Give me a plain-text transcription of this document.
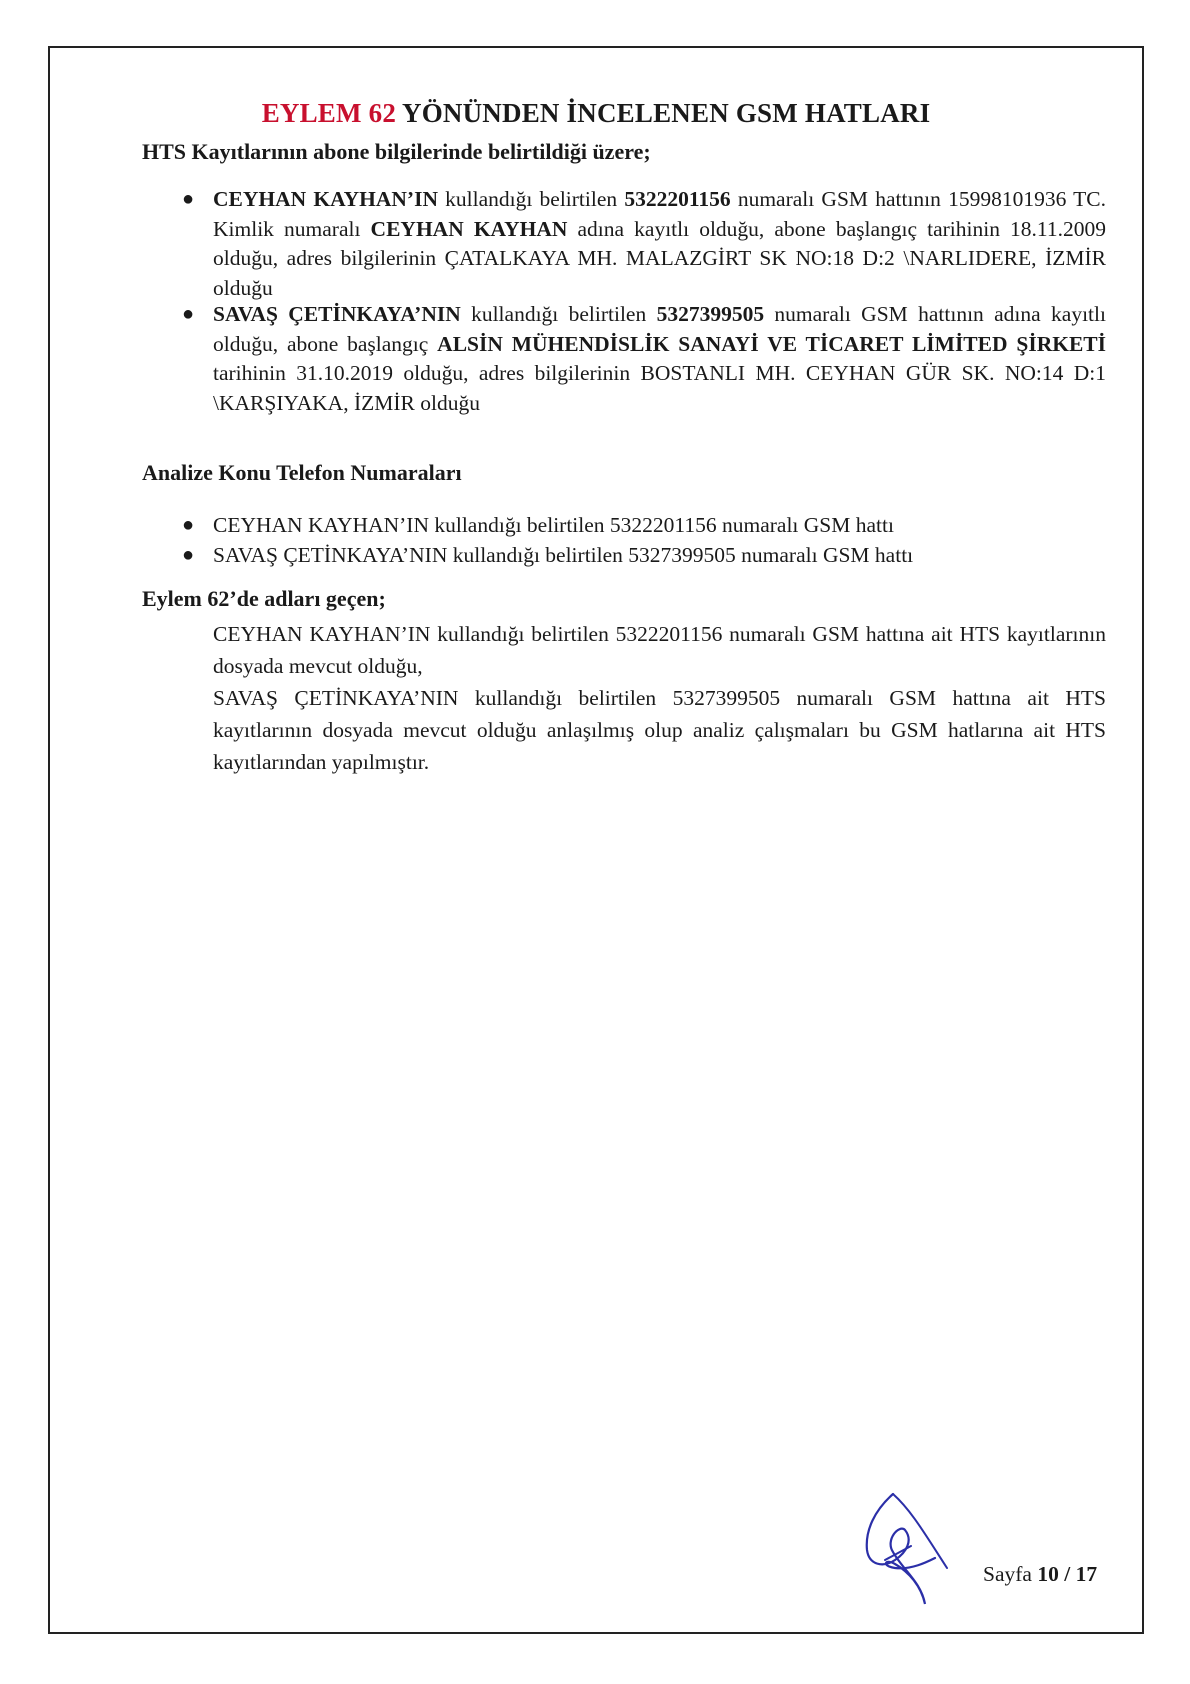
EYLEM 62 YÖNÜNDEN İNCELENEN GSM HATLARI
HTS Kayıtlarının abone bilgilerinde belirtildiği üzere;
● CEYHAN KAYHAN’IN kullandığı belirtilen 5322201156 numaralı GSM hattının 15998101936 TC. Kimlik numaralı CEYHAN KAYHAN adına kayıtlı olduğu, abone başlangıç tarihinin 18.11.2009 olduğu, adres bilgilerinin ÇATALKAYA MH. MALAZGİRT SK NO:18 D:2 \NARLIDERE, İZMİR olduğu
● SAVAŞ ÇETİNKAYA’NIN kullandığı belirtilen 5327399505 numaralı GSM hattının adına kayıtlı olduğu, abone başlangıç ALSİN MÜHENDİSLİK SANAYİ VE TİCARET LİMİTED ŞİRKETİ tarihinin 31.10.2019 olduğu, adres bilgilerinin BOSTANLI MH. CEYHAN GÜR SK. NO:14 D:1 \KARŞIYAKA, İZMİR olduğu
Analize Konu Telefon Numaraları
● CEYHAN KAYHAN’IN kullandığı belirtilen 5322201156 numaralı GSM hattı
● SAVAŞ ÇETİNKAYA’NIN kullandığı belirtilen 5327399505 numaralı GSM hattı
Eylem 62’de adları geçen;
CEYHAN KAYHAN’IN kullandığı belirtilen 5322201156 numaralı GSM hattına ait HTS kayıtlarının dosyada mevcut olduğu,
SAVAŞ ÇETİNKAYA’NIN kullandığı belirtilen 5327399505 numaralı GSM hattına ait HTS kayıtlarının dosyada mevcut olduğu anlaşılmış olup analiz çalışmaları bu GSM hatlarına ait HTS kayıtlarından yapılmıştır.
Sayfa 10 / 17
